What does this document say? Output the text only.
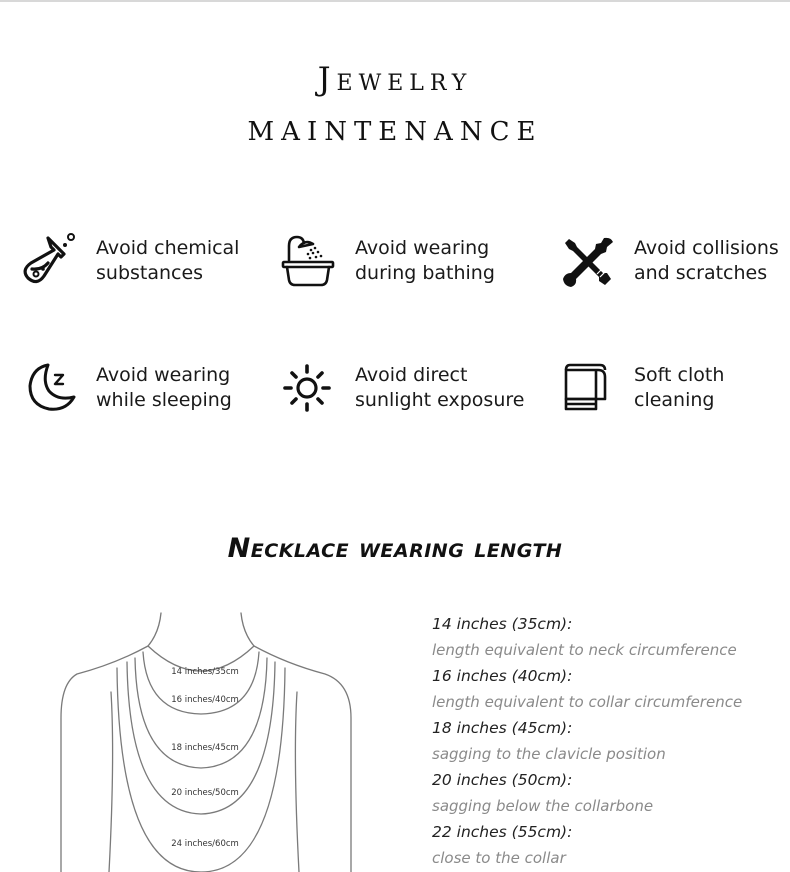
Jewelry
MAINTENANCE
Avoid chemical
substances
Avoid wearing
during bathing
Avoid collisions
and scratches
Avoid wearing
while sleeping
Avoid direct
sunlight exposure
Soft cloth
cleaning
Necklace wearing length
14 inches/35cm
16 inches/40cm
18 inches/45cm
20 inches/50cm
24 inches/60cm
14 inches (35cm):
length equivalent to neck circumference
16 inches (40cm):
length equivalent to collar circumference
18 inches (45cm):
sagging to the clavicle position
20 inches (50cm):
sagging below the collarbone
22 inches (55cm):
close to the collar
